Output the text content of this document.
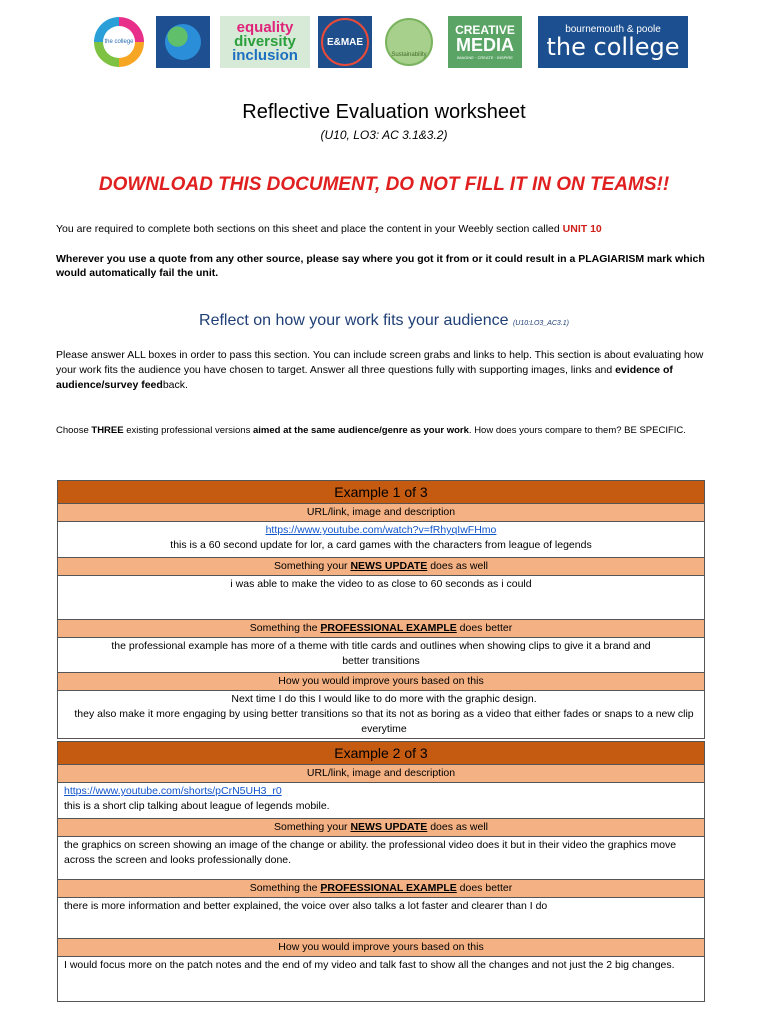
the college
equality
diversity
inclusion
E&MAE
Sustainability
CREATIVE
MEDIA
IMAGINE · CREATE · INSPIRE
bournemouth & poole
the college
Reflective Evaluation worksheet
(U10, LO3: AC 3.1&3.2)
DOWNLOAD THIS DOCUMENT, DO NOT FILL IT IN ON TEAMS!!
You are required to complete both sections on this sheet and place the content in your Weebly section called UNIT 10
Wherever you use a quote from any other source, please say where you got it from or it could result in a PLAGIARISM mark which would automatically fail the unit.
Reflect on how your work fits your audience (U10:LO3_AC3.1)
Please answer ALL boxes in order to pass this section. You can include screen grabs and links to help. This section is about evaluating how your work fits the audience you have chosen to target. Answer all three questions fully with supporting images, links and evidence of audience/survey feedback.
Choose THREE existing professional versions aimed at the same audience/genre as your work. How does yours compare to them? BE SPECIFIC.
Example 1 of 3
URL/link, image and description
https://www.youtube.com/watch?v=fRhyqIwFHmo
this is a 60 second update for lor, a card games with the characters from league of legends
Something your NEWS UPDATE does as well
i was able to make the video to as close to 60 seconds as i could
Something the PROFESSIONAL EXAMPLE does better
the professional example has more of a theme with title cards and outlines when showing clips to give it a brand and better transitions
How you would improve yours based on this
Next time I do this I would like to do more with the graphic design.
they also make it more engaging by using better transitions so that its not as boring as a video that either fades or snaps to a new clip everytime
Example 2 of 3
URL/link, image and description
https://www.youtube.com/shorts/pCrN5UH3_r0
this is a short clip talking about league of legends mobile.
Something your NEWS UPDATE does as well
the graphics on screen showing an image of the change or ability. the professional video does it but in their video the graphics move across the screen and looks professionally done.
Something the PROFESSIONAL EXAMPLE does better
there is more information and better explained, the voice over also talks a lot faster and clearer than I do
How you would improve yours based on this
I would focus more on the patch notes and the end of my video and talk fast to show all the changes and not just the 2 big changes.
